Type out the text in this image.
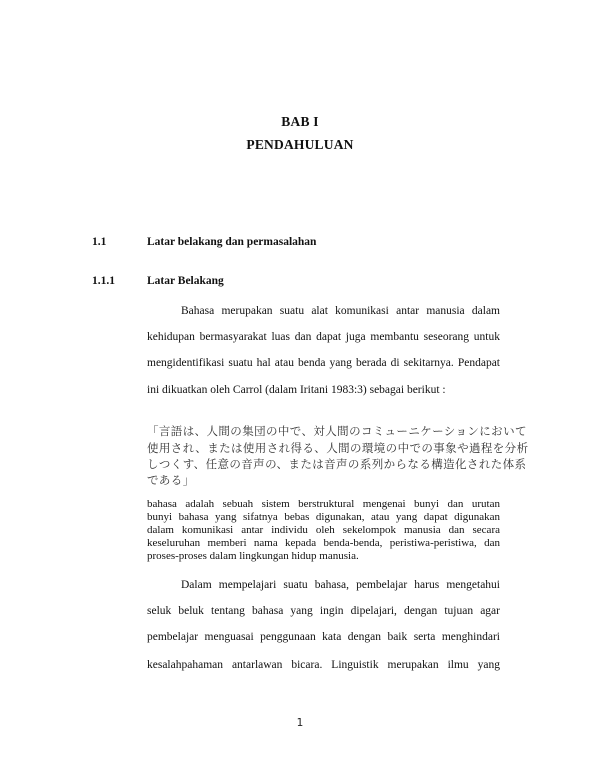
BAB I
PENDAHULUAN
1.1	Latar belakang dan permasalahan
1.1.1	Latar Belakang
Bahasa merupakan suatu alat komunikasi antar manusia dalam
kehidupan bermasyarakat luas dan dapat juga membantu seseorang untuk
mengidentifikasi suatu hal atau benda yang berada di sekitarnya. Pendapat
ini dikuatkan oleh Carrol (dalam Iritani 1983:3) sebagai berikut :
「言語は、人間の集団の中で、対人間のコミューニケーションにおいて
使用され、または使用され得る、人間の環境の中での事象や過程を分析
しつくす、任意の音声の、または音声の系列からなる構造化された体系
である」
bahasa adalah sebuah sistem berstruktural mengenai bunyi dan urutan
bunyi bahasa yang sifatnya bebas digunakan, atau yang dapat digunakan
dalam komunikasi antar individu oleh sekelompok manusia dan secara
keseluruhan memberi nama kepada benda-benda, peristiwa-peristiwa, dan
proses-proses dalam lingkungan hidup manusia.
Dalam mempelajari suatu bahasa, pembelajar harus mengetahui
seluk beluk tentang bahasa yang ingin dipelajari, dengan tujuan agar
pembelajar menguasai penggunaan kata dengan baik serta menghindari
kesalahpahaman antarlawan bicara. Linguistik merupakan ilmu yang
1
